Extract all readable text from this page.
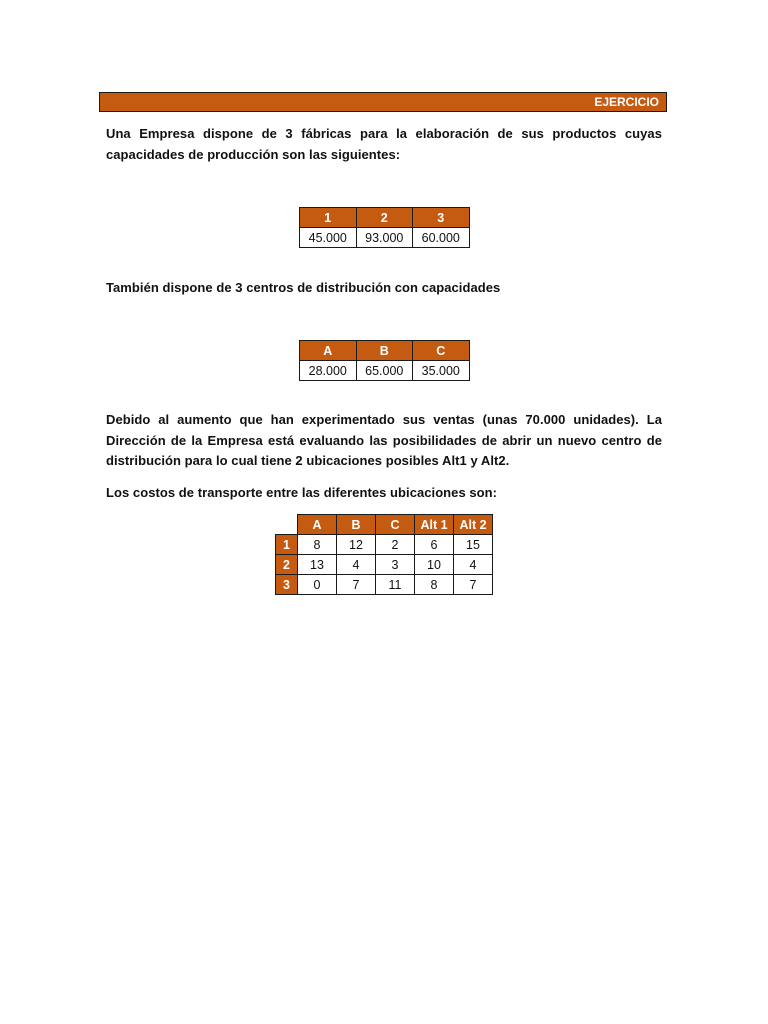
EJERCICIO

Una Empresa dispone de 3 fábricas para la elaboración de sus productos cuyas capacidades de producción son las siguientes:

1	2	3
45.000	93.000	60.000

También dispone de 3 centros de distribución con capacidades

A	B	C
28.000	65.000	35.000

Debido al aumento que han experimentado sus ventas (unas 70.000 unidades). La Dirección de la Empresa está evaluando las posibilidades de abrir un nuevo centro de distribución para lo cual tiene 2 ubicaciones posibles Alt1 y Alt2.

Los costos de transporte entre las diferentes ubicaciones son:

	A	B	C	Alt 1	Alt 2
1	8	12	2	6	15
2	13	4	3	10	4
3	0	7	11	8	7
